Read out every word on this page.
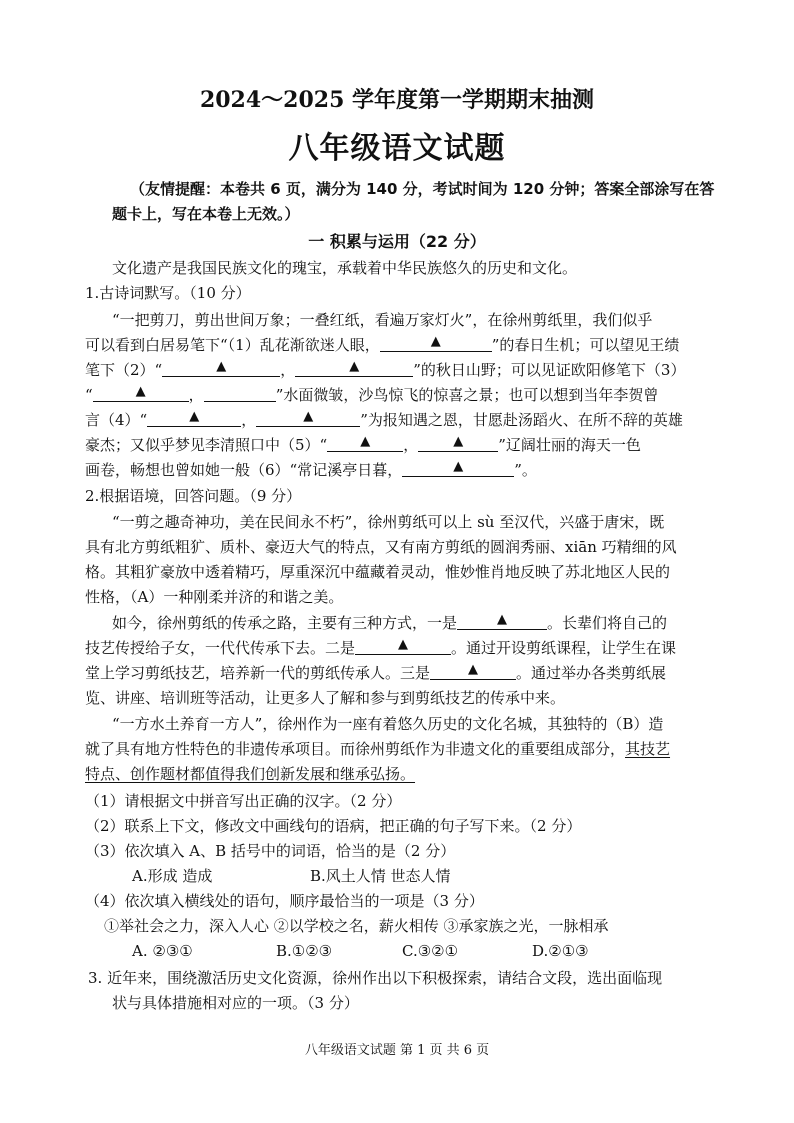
2024～2025 学年度第一学期期末抽测
八年级语文试题
（友情提醒：本卷共 6 页，满分为 140 分，考试时间为 120 分钟；答案全部涂写在答
题卡上，写在本卷上无效。）
一 积累与运用（22 分）
文化遗产是我国民族文化的瑰宝，承载着中华民族悠久的历史和文化。
1.古诗词默写。（10 分）
“一把剪刀，剪出世间万象；一叠红纸，看遍万家灯火”，在徐州剪纸里，我们似乎
可以看到白居易笔下“（1）乱花渐欲迷人眼，	▲	”的春日生机；可以望见王绩
笔下（2）“	▲	，	▲	”的秋日山野；可以见证欧阳修笔下（3）
“	▲	，	”水面微皱，沙鸟惊飞的惊喜之景；也可以想到当年李贺曾
言（4）“	▲	，	▲	”为报知遇之恩，甘愿赴汤蹈火、在所不辞的英雄
豪杰；又似乎梦见李清照口中（5）“	▲ ，	▲ ”辽阔壮丽的海天一色
画卷，畅想也曾如她一般（6）“常记溪亭日暮，	▲	”。
2.根据语境，回答问题。（9 分）
“一剪之趣奇神功，美在民间永不朽”，徐州剪纸可以上 sù 至汉代，兴盛于唐宋，既
具有北方剪纸粗犷、质朴、豪迈大气的特点，又有南方剪纸的圆润秀丽、xiān 巧精细的风
格。其粗犷豪放中透着精巧，厚重深沉中蕴藏着灵动，惟妙惟肖地反映了苏北地区人民的
性格，（A）一种刚柔并济的和谐之美。
如今，徐州剪纸的传承之路，主要有三种方式，一是	▲	。长辈们将自己的
技艺传授给子女，一代代传承下去。二是	▲	。通过开设剪纸课程，让学生在课
堂上学习剪纸技艺，培养新一代的剪纸传承人。三是	▲	。通过举办各类剪纸展
览、讲座、培训班等活动，让更多人了解和参与到剪纸技艺的传承中来。
“一方水土养育一方人”，徐州作为一座有着悠久历史的文化名城，其独特的（B）造
就了具有地方性特色的非遗传承项目。而徐州剪纸作为非遗文化的重要组成部分，其技艺
特点、创作题材都值得我们创新发展和继承弘扬。
（1）请根据文中拼音写出正确的汉字。（2 分）
（2）联系上下文，修改文中画线句的语病，把正确的句子写下来。（2 分）
（3）依次填入 A、B 括号中的词语，恰当的是（2 分）
A.形成 造成	B.风土人情 世态人情
（4）依次填入横线处的语句，顺序最恰当的一项是（3 分）
①举社会之力，深入人心 ②以学校之名，薪火相传 ③承家族之光，一脉相承
A. ②③①	B.①②③	C.③②①	D.②①③
3. 近年来，围绕激活历史文化资源，徐州作出以下积极探索，请结合文段，选出面临现
状与具体措施相对应的一项。（3 分）
八年级语文试题 第 1 页 共 6 页
